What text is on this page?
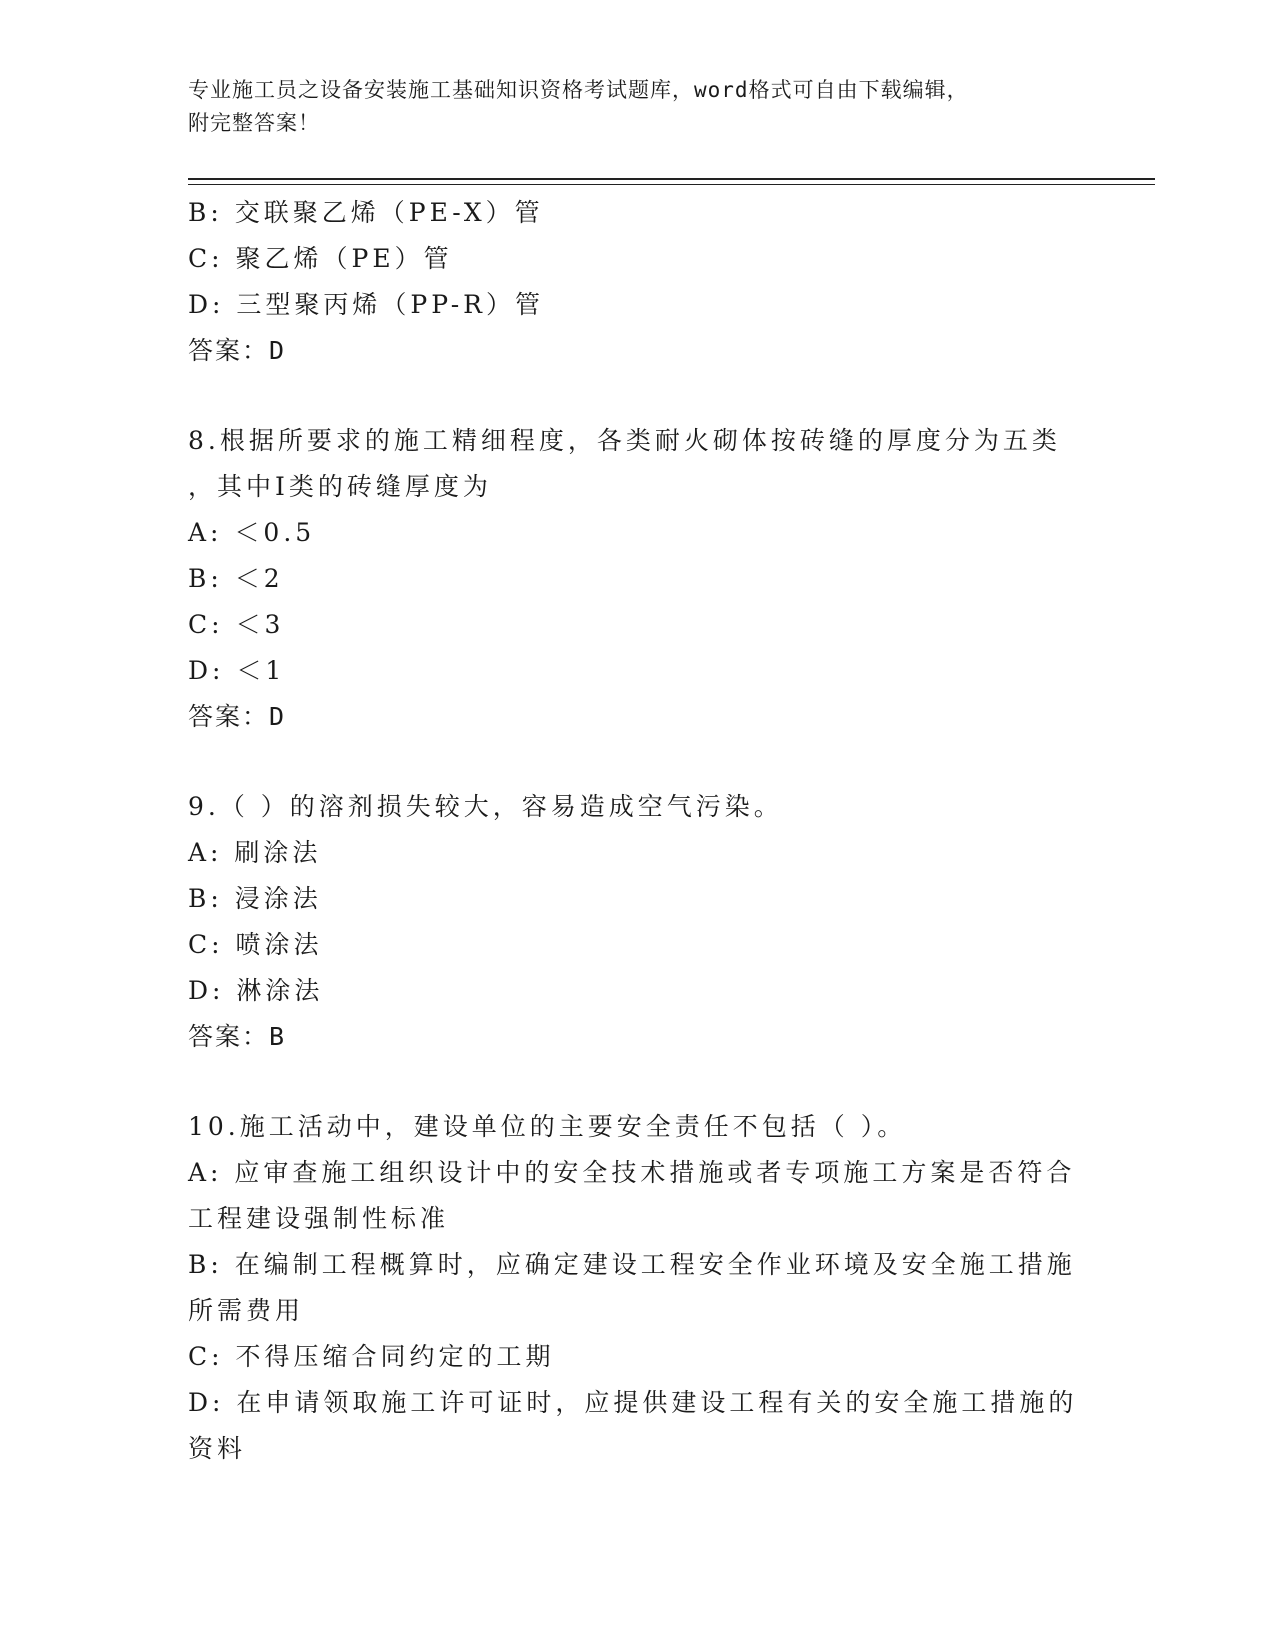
专业施工员之设备安装施工基础知识资格考试题库，word格式可自由下载编辑，
附完整答案！
B: 交联聚乙烯（PE-X）管
C: 聚乙烯（PE）管
D: 三型聚丙烯（PP-R）管
答案：D
8.根据所要求的施工精细程度，各类耐火砌体按砖缝的厚度分为五类
，其中Ⅰ类的砖缝厚度为
A: ＜0.5
B: ＜2
C: ＜3
D: ＜1
答案：D
9.（ ）的溶剂损失较大，容易造成空气污染。
A: 刷涂法
B: 浸涂法
C: 喷涂法
D: 淋涂法
答案：B
10.施工活动中，建设单位的主要安全责任不包括（ ）。
A: 应审查施工组织设计中的安全技术措施或者专项施工方案是否符合
工程建设强制性标准
B: 在编制工程概算时，应确定建设工程安全作业环境及安全施工措施
所需费用
C: 不得压缩合同约定的工期
D: 在申请领取施工许可证时，应提供建设工程有关的安全施工措施的
资料
